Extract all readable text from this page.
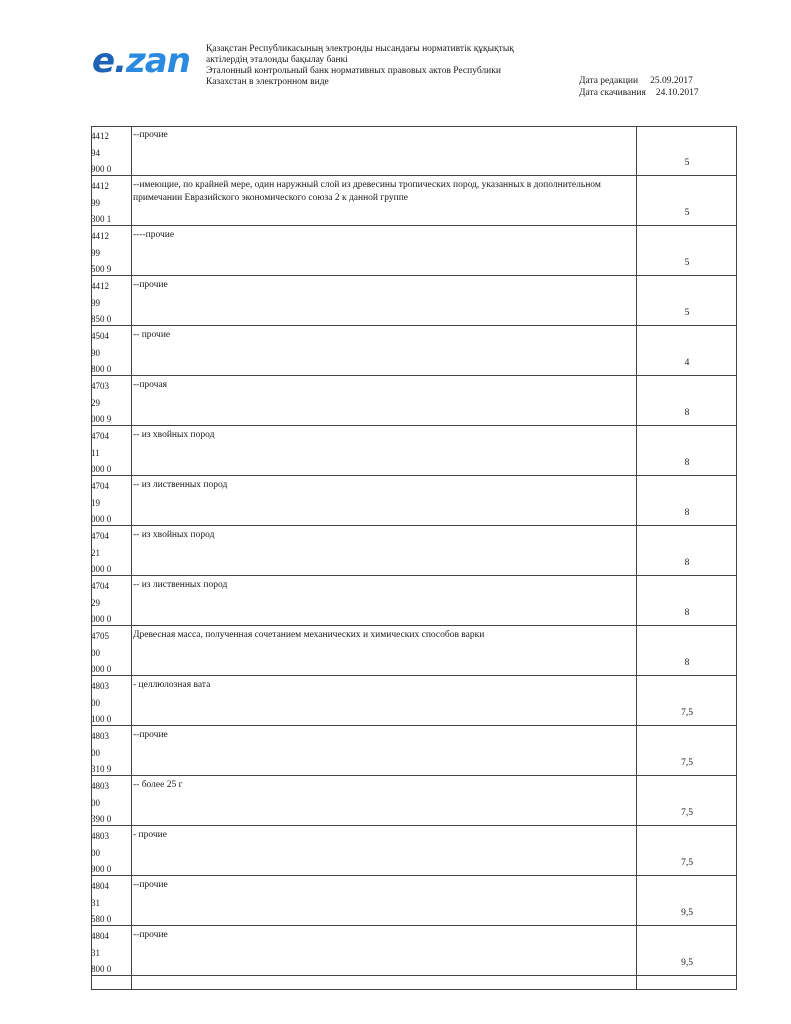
e.zan Қазақстан Республикасының электронды нысандағы нормативтік құқықтық
актілердің эталонды бақылау банкі
Эталонный контрольный банк нормативных правовых актов Республики
Казахстан в электронном виде	Дата редакции 25.09.2017
Дата скачивания 24.10.2017
4412
94
900 0
--прочие
5
4412
99
300 1
--имеющие, по крайней мере, один наружный слой из древесины тропических пород, указанных в дополнительном примечании Евразийского экономического союза 2 к данной группе
5
4412
99
500 9
----прочие
5
4412
99
850 0
--прочие
5
4504
90
800 0
-- прочие
4
4703
29
000 9
--прочая
8
4704
11
000 0
-- из хвойных пород
8
4704
19
000 0
-- из лиственных пород
8
4704
21
000 0
-- из хвойных пород
8
4704
29
000 0
-- из лиственных пород
8
4705
00
000 0
Древесная масса, полученная сочетанием механических и химических способов варки
8
4803
00
100 0
- целлюлозная вата
7,5
4803
00
310 9
--прочие
7,5
4803
00
390 0
-- более 25 г
7,5
4803
00
900 0
- прочие
7,5
4804
31
580 0
--прочие
9,5
4804
31
800 0
--прочие
9,5
